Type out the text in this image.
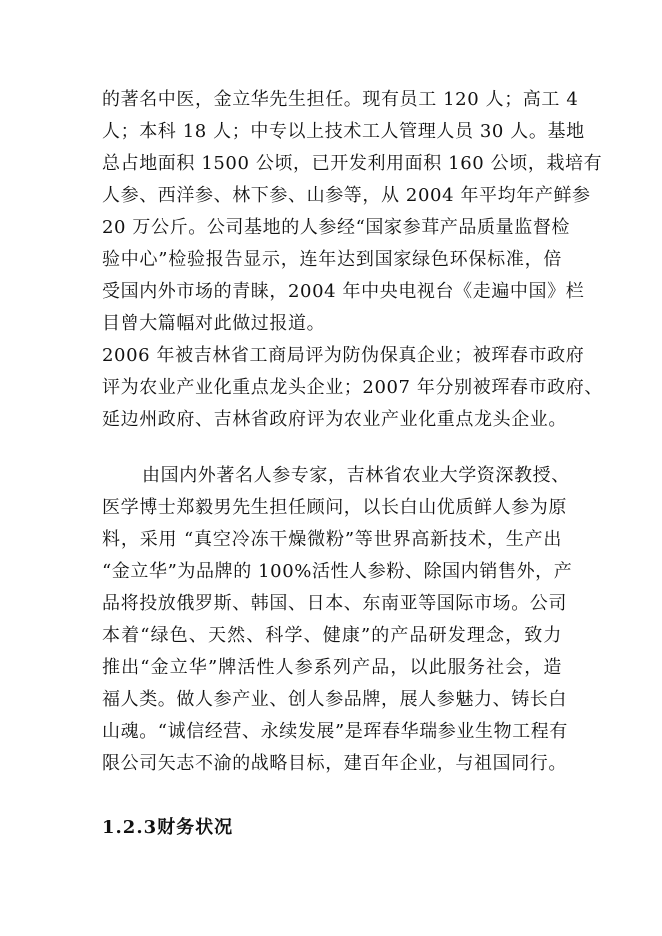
的著名中医，金立华先生担任。现有员工 120 人；高工 4
人；本科 18 人；中专以上技术工人管理人员 30 人。基地
总占地面积 1500 公顷，已开发利用面积 160 公顷，栽培有
人参、西洋参、林下参、山参等，从 2004 年平均年产鲜参
20 万公斤。公司基地的人参经“国家参茸产品质量监督检
验中心”检验报告显示，连年达到国家绿色环保标准，倍
受国内外市场的青睐，2004 年中央电视台《走遍中国》栏
目曾大篇幅对此做过报道。
2006 年被吉林省工商局评为防伪保真企业；被珲春市政府
评为农业产业化重点龙头企业；2007 年分别被珲春市政府、
延边州政府、吉林省政府评为农业产业化重点龙头企业。
由国内外著名人参专家，吉林省农业大学资深教授、
医学博士郑毅男先生担任顾问，以长白山优质鲜人参为原
料，采用 “真空冷冻干燥微粉”等世界高新技术，生产出
“金立华”为品牌的 100%活性人参粉、除国内销售外，产
品将投放俄罗斯、韩国、日本、东南亚等国际市场。公司
本着“绿色、天然、科学、健康”的产品研发理念，致力
推出“金立华”牌活性人参系列产品，以此服务社会，造
福人类。做人参产业、创人参品牌，展人参魅力、铸长白
山魂。“诚信经营、永续发展”是珲春华瑞参业生物工程有
限公司矢志不渝的战略目标，建百年企业，与祖国同行。
1.2.3财务状况
